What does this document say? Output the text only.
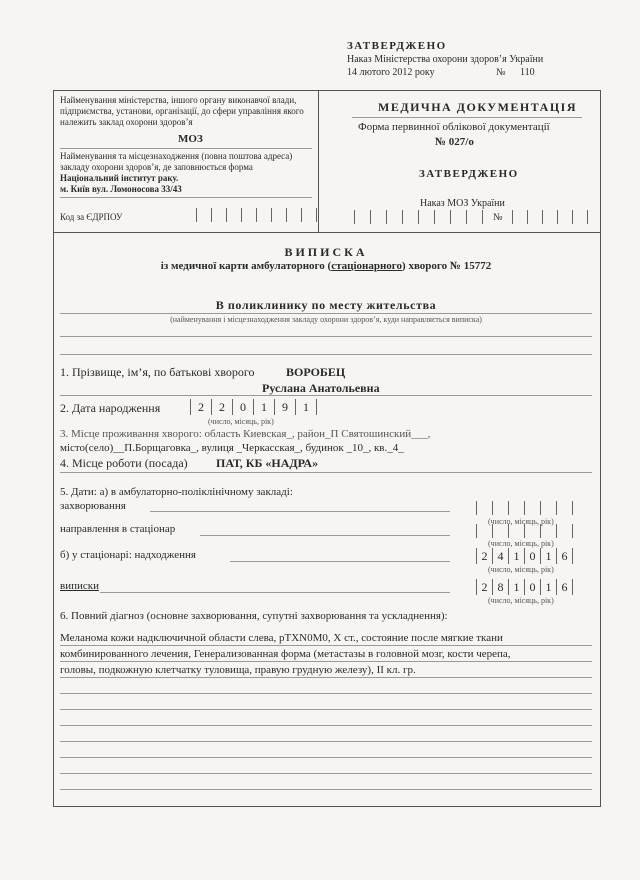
ЗАТВЕРДЖЕНО
Наказ Міністерства охорони здоров’я України
14 лютого 2012 року	№ 110
Найменування міністерства, іншого органу виконавчої влади, підприємства, установи, організації, до сфери управління якого належить заклад охорони здоров’я
МОЗ
Найменування та місцезнаходження (повна поштова адреса) закладу охорони здоров’я, де заповнюється форма Національний інститут раку.
м. Київ вул. Ломоносова 33/43
Код за ЄДРПОУ
МЕДИЧНА ДОКУМЕНТАЦІЯ
Форма первинної облікової документації
№ 027/о
ЗАТВЕРДЖЕНО
Наказ МОЗ України
№
ВИПИСКА
із медичної карти амбулаторного (стаціонарного) хворого № 15772
В поликлинику по месту жительства
(найменування і місцезнаходження закладу охорони здоров’я, куди направляється виписка)
1. Прізвище, ім’я, по батькові хворого	ВОРОБЕЦ
Руслана Анатольевна
2. Дата народження	2	2	0	1	9	1
(число, місяць, рік)
3. Місце проживання хворого: область Киевская_, район_П Святошинский___,
місто(село)__П.Борщаговка_, вулиця _Черкасская_, будинок _10_, кв._4_
4. Місце роботи (посада) ПАТ, КБ «НАДРА»
5. Дати: а) в амбулаторно-поліклінічному закладі:
захворювання
(число, місяць, рік)
направлення в стаціонар
(число, місяць, рік)
б) у стаціонарі: надходження	2 4 1 0 1 6
(число, місяць, рік)
виписки	2 8 1 0 1 6
(число, місяць, рік)
6. Повний діагноз (основне захворювання, супутні захворювання та ускладнення):
Меланома кожи надключичной области слева, pTXN0M0, X ст., состояние после мягкие ткани
комбинированного лечения, Генерализованная форма (метастазы в головной мозг, кости черепа,
головы, подкожную клетчатку туловища, правую грудную железу), II кл. гр.
